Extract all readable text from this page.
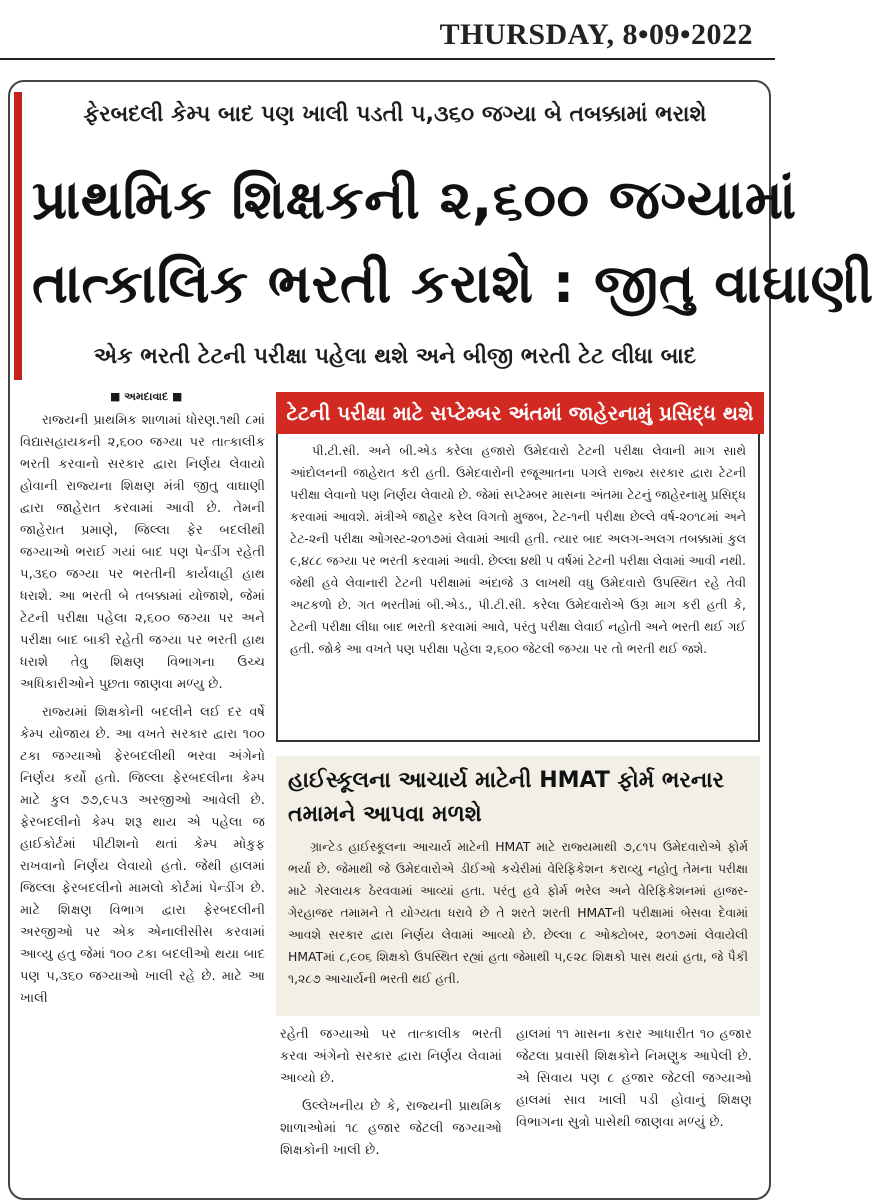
THURSDAY, 8•09•2022
ફેરબદલી કેમ્પ બાદ પણ ખાલી પડતી ૫,૩૬૦ જગ્યા બે તબક્કામાં ભરાશે
પ્રાથમિક શિક્ષકની ૨,૬૦૦ જગ્યામાં
તાત્કાલિક ભરતી કરાશે : જીતુ વાઘાણી
એક ભરતી ટેટની પરીક્ષા પહેલા થશે અને બીજી ભરતી ટેટ લીધા બાદ
■ અમદાવાદ ■

રાજ્યની પ્રાથમિક શાળામાં ધોરણ.૧થી ૮માં વિદ્યાસહાયકની ૨,૬૦૦ જગ્યા પર તાત્કાલીક ભરતી કરવાનો સરકાર દ્વારા નિર્ણય લેવાયો હોવાની રાજ્યના શિક્ષણ મંત્રી જીતુ વાઘાણી દ્વારા જાહેરાત કરવામાં આવી છે. તેમની જાહેરાત પ્રમાણે, જિલ્લા ફેર બદલીથી જગ્યાઓ ભરાઈ ગયાં બાદ પણ પેન્ડીંગ રહેતી ૫,૩૬૦ જગ્યા પર ભરતીની કાર્યવાહી હાથ ધરાશે. આ ભરતી બે તબક્કામાં યોજાશે, જેમાં ટેટની પરીક્ષા પહેલા ૨,૬૦૦ જગ્યા પર અને પરીક્ષા બાદ બાકી રહેતી જગ્યા પર ભરતી હાથ ધરાશે તેવુ શિક્ષણ વિભાગના ઉચ્ચ અધિકારીઓને પુછતા જાણવા મળ્યુ છે.

રાજ્યમાં શિક્ષકોની બદલીને લઈ દર વર્ષે કેમ્પ યોજાય છે. આ વખતે સરકાર દ્વારા ૧૦૦ ટકા જગ્યાઓ ફેરબદલીથી ભરવા અંગેનો નિર્ણય કર્યો હતો. જિલ્લા ફેરબદલીના કેમ્પ માટે કુલ ૭૭,૯૫૩ અરજીઓ આવેલી છે. ફેરબદલીનો કેમ્પ શરૂ થાય એ પહેલા જ હાઈકોર્ટમાં પીટીશનો થતાં કેમ્પ મોકુફ રાખવાનો નિર્ણય લેવાયો હતો. જેથી હાલમાં જિલ્લા ફેરબદલીનો મામલો કોર્ટમાં પેન્ડીંગ છે. માટે શિક્ષણ વિભાગ દ્વારા ફેરબદલીની અરજીઓ પર એક એનાલીસીસ કરવામાં આવ્યુ હતુ જેમાં ૧૦૦ ટકા બદલીઓ થયા બાદ પણ ૫,૩૬૦ જગ્યાઓ ખાલી રહે છે. માટે આ ખાલી

પી.ટી.સી. અને બી.એડ કરેલા હજારો ઉમેદવારો ટેટની પરીક્ષા લેવાની માગ સાથે આંદોલનની જાહેરાત કરી હતી. ઉમેદવારોની રજૂઆતના પગલે રાજ્ય સરકાર દ્વારા ટેટની પરીક્ષા લેવાનો પણ નિર્ણય લેવાયો છે. જેમાં સપ્ટેમ્બર માસના અંતમા ટેટનું જાહેરનામુ પ્રસિદ્ધ કરવામાં આવશે. મંત્રીએ જાહેર કરેલ વિગતો મુજબ, ટેટ-૧ની પરીક્ષા છેલ્લે વર્ષ-૨૦૧૮માં અને ટેટ-૨ની પરીક્ષા ઓગસ્ટ-૨૦૧૭માં લેવામાં આવી હતી. ત્યાર બાદ અલગ-અલગ તબક્કામાં કુલ ૯,૪૮૮ જગ્યા પર ભરતી કરવામાં આવી. છેલ્લા ૪થી ૫ વર્ષમાં ટેટની પરીક્ષા લેવામાં આવી નથી. જેથી હવે લેવાનારી ટેટની પરીક્ષામાં અંદાજે ૩ લાખથી વધુ ઉમેદવારો ઉપસ્થિત રહે તેવી અટકળો છે. ગત ભરતીમાં બી.એડ., પી.ટી.સી. કરેલા ઉમેદવારોએ ઉગ્ર માગ કરી હતી કે, ટેટની પરીક્ષા લીધા બાદ ભરતી કરવામાં આવે, પરંતુ પરીક્ષા લેવાઈ નહોતી અને ભરતી થઈ ગઈ હતી. જોકે આ વખતે પણ પરીક્ષા પહેલા ૨,૬૦૦ જેટલી જગ્યા પર તો ભરતી થઈ જશે.

ટેટની પરીક્ષા માટે સપ્ટેમ્બર અંતમાં જાહેરનામું પ્રસિદ્ધ થશે
હાઈસ્કૂલના આચાર્ય માટેની HMAT ફોર્મ ભરનાર તમામને આપવા મળશે

ગ્રાન્ટેડ હાઈસ્કૂલના આચાર્ય માટેની HMAT માટે રાજ્યમાથી ૭,૮૧૫ ઉમેદવારોએ ફોર્મ ભર્યા છે. જેમાથી જે ઉમેદવારોએ ડીઈઓ કચેરીમાં વેરિફિકેશન કરાવ્યુ નહોતુ તેમના પરીક્ષા માટે ગેરલાયક ઠેરવવામાં આવ્યાં હતા. પરંતુ હવે ફોર્મ ભરેલ અને વેરિફિકેશનમાં હાજર-ગેરહાજર તમામને તે યોગ્યતા ધરાવે છે તે શરતે શરતી HMATની પરીક્ષામાં બેસવા દેવામાં આવશે સરકાર દ્વારા નિર્ણય લેવામાં આવ્યો છે. છેલ્લા ૮ ઓક્ટોબર, ૨૦૧૭માં લેવાયેલી HMATમાં ૮,૯૦૬ શિક્ષકો ઉપસ્થિત રહ્યાં હતા જેમાથી ૫,૯૨૮ શિક્ષકો પાસ થયાં હતા, જે પૈકી ૧,૨૮૭ આચાર્યની ભરતી થઈ હતી.

રહેતી જગ્યાઓ પર તાત્કાલીક ભરતી કરવા અંગેનો સરકાર દ્વારા નિર્ણય લેવામાં આવ્યો છે.

ઉલ્લેખનીય છે કે, રાજ્યની પ્રાથમિક શાળાઓમાં ૧૮ હજાર જેટલી જગ્યાઓ શિક્ષકોની ખાલી છે.

હાલમાં ૧૧ માસના કરાર આધારીત ૧૦ હજાર જેટલા પ્રવાસી શિક્ષકોને નિમણુક આપેલી છે. એ સિવાય પણ ૮ હજાર જેટલી જગ્યાઓ હાલમાં સાવ ખાલી પડી હોવાનું શિક્ષણ વિભાગના સુત્રો પાસેથી જાણવા મળ્યું છે.
